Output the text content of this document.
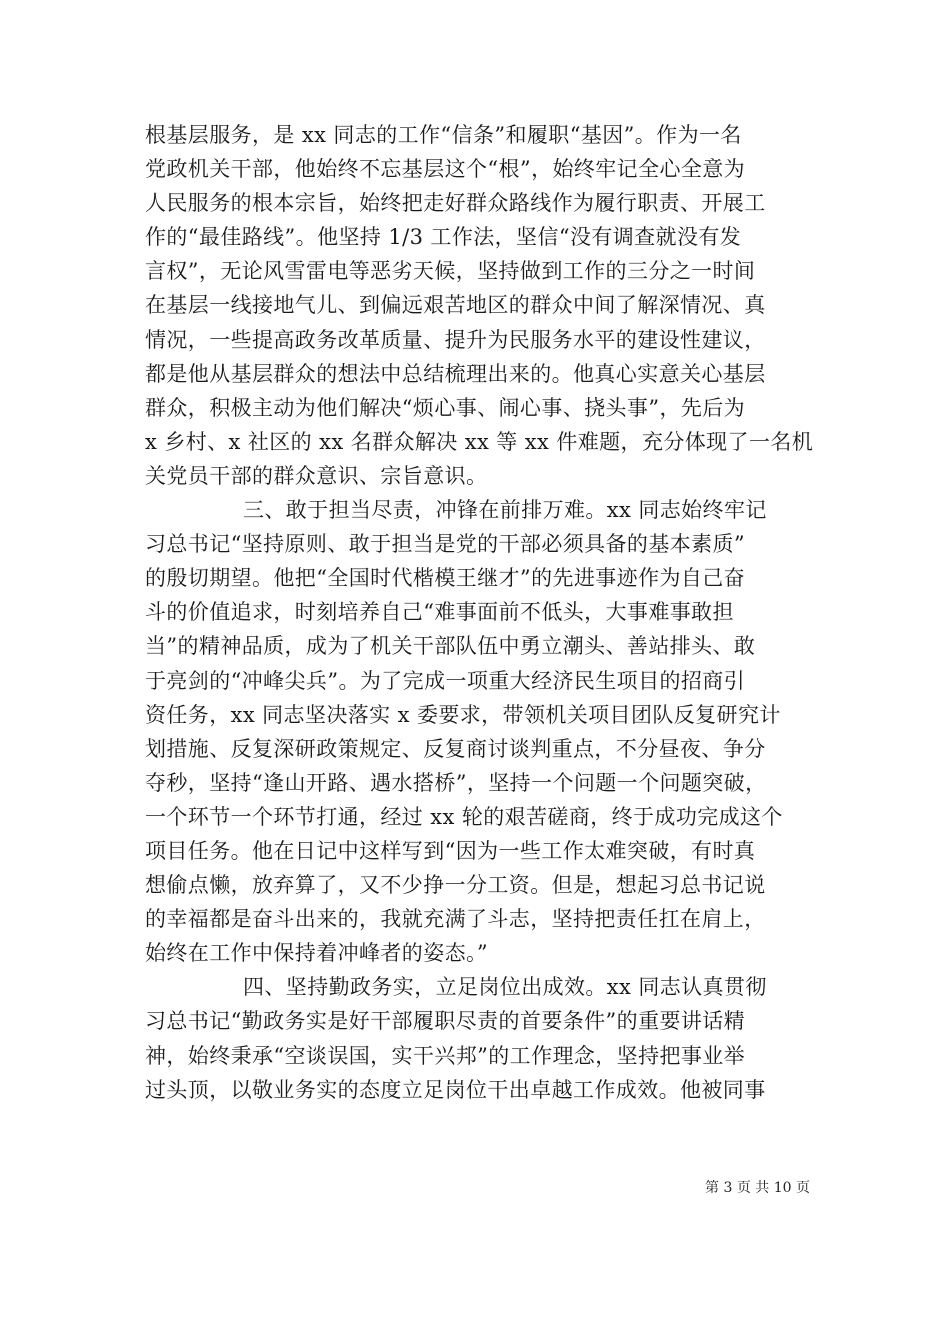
根基层服务，是 xx 同志的工作“信条”和履职“基因”。作为一名
党政机关干部，他始终不忘基层这个“根”，始终牢记全心全意为
人民服务的根本宗旨，始终把走好群众路线作为履行职责、开展工
作的“最佳路线”。他坚持 1/3 工作法，坚信“没有调查就没有发
言权”，无论风雪雷电等恶劣天候，坚持做到工作的三分之一时间
在基层一线接地气儿、到偏远艰苦地区的群众中间了解深情况、真
情况，一些提高政务改革质量、提升为民服务水平的建设性建议，
都是他从基层群众的想法中总结梳理出来的。他真心实意关心基层
群众，积极主动为他们解决“烦心事、闹心事、挠头事”，先后为
x 乡村、x 社区的 xx 名群众解决 xx 等 xx 件难题，充分体现了一名机
关党员干部的群众意识、宗旨意识。
三、敢于担当尽责，冲锋在前排万难。xx 同志始终牢记
习总书记“坚持原则、敢于担当是党的干部必须具备的基本素质”
的殷切期望。他把“全国时代楷模王继才”的先进事迹作为自己奋
斗的价值追求，时刻培养自己“难事面前不低头，大事难事敢担
当”的精神品质，成为了机关干部队伍中勇立潮头、善站排头、敢
于亮剑的“冲峰尖兵”。为了完成一项重大经济民生项目的招商引
资任务，xx 同志坚决落实 x 委要求，带领机关项目团队反复研究计
划措施、反复深研政策规定、反复商讨谈判重点，不分昼夜、争分
夺秒，坚持“逢山开路、遇水搭桥”，坚持一个问题一个问题突破，
一个环节一个环节打通，经过 xx 轮的艰苦磋商，终于成功完成这个
项目任务。他在日记中这样写到“因为一些工作太难突破，有时真
想偷点懒，放弃算了，又不少挣一分工资。但是，想起习总书记说
的幸福都是奋斗出来的，我就充满了斗志，坚持把责任扛在肩上，
始终在工作中保持着冲峰者的姿态。”
四、坚持勤政务实，立足岗位出成效。xx 同志认真贯彻
习总书记“勤政务实是好干部履职尽责的首要条件”的重要讲话精
神，始终秉承“空谈误国，实干兴邦”的工作理念，坚持把事业举
过头顶，以敬业务实的态度立足岗位干出卓越工作成效。他被同事
第 3 页 共 10 页
